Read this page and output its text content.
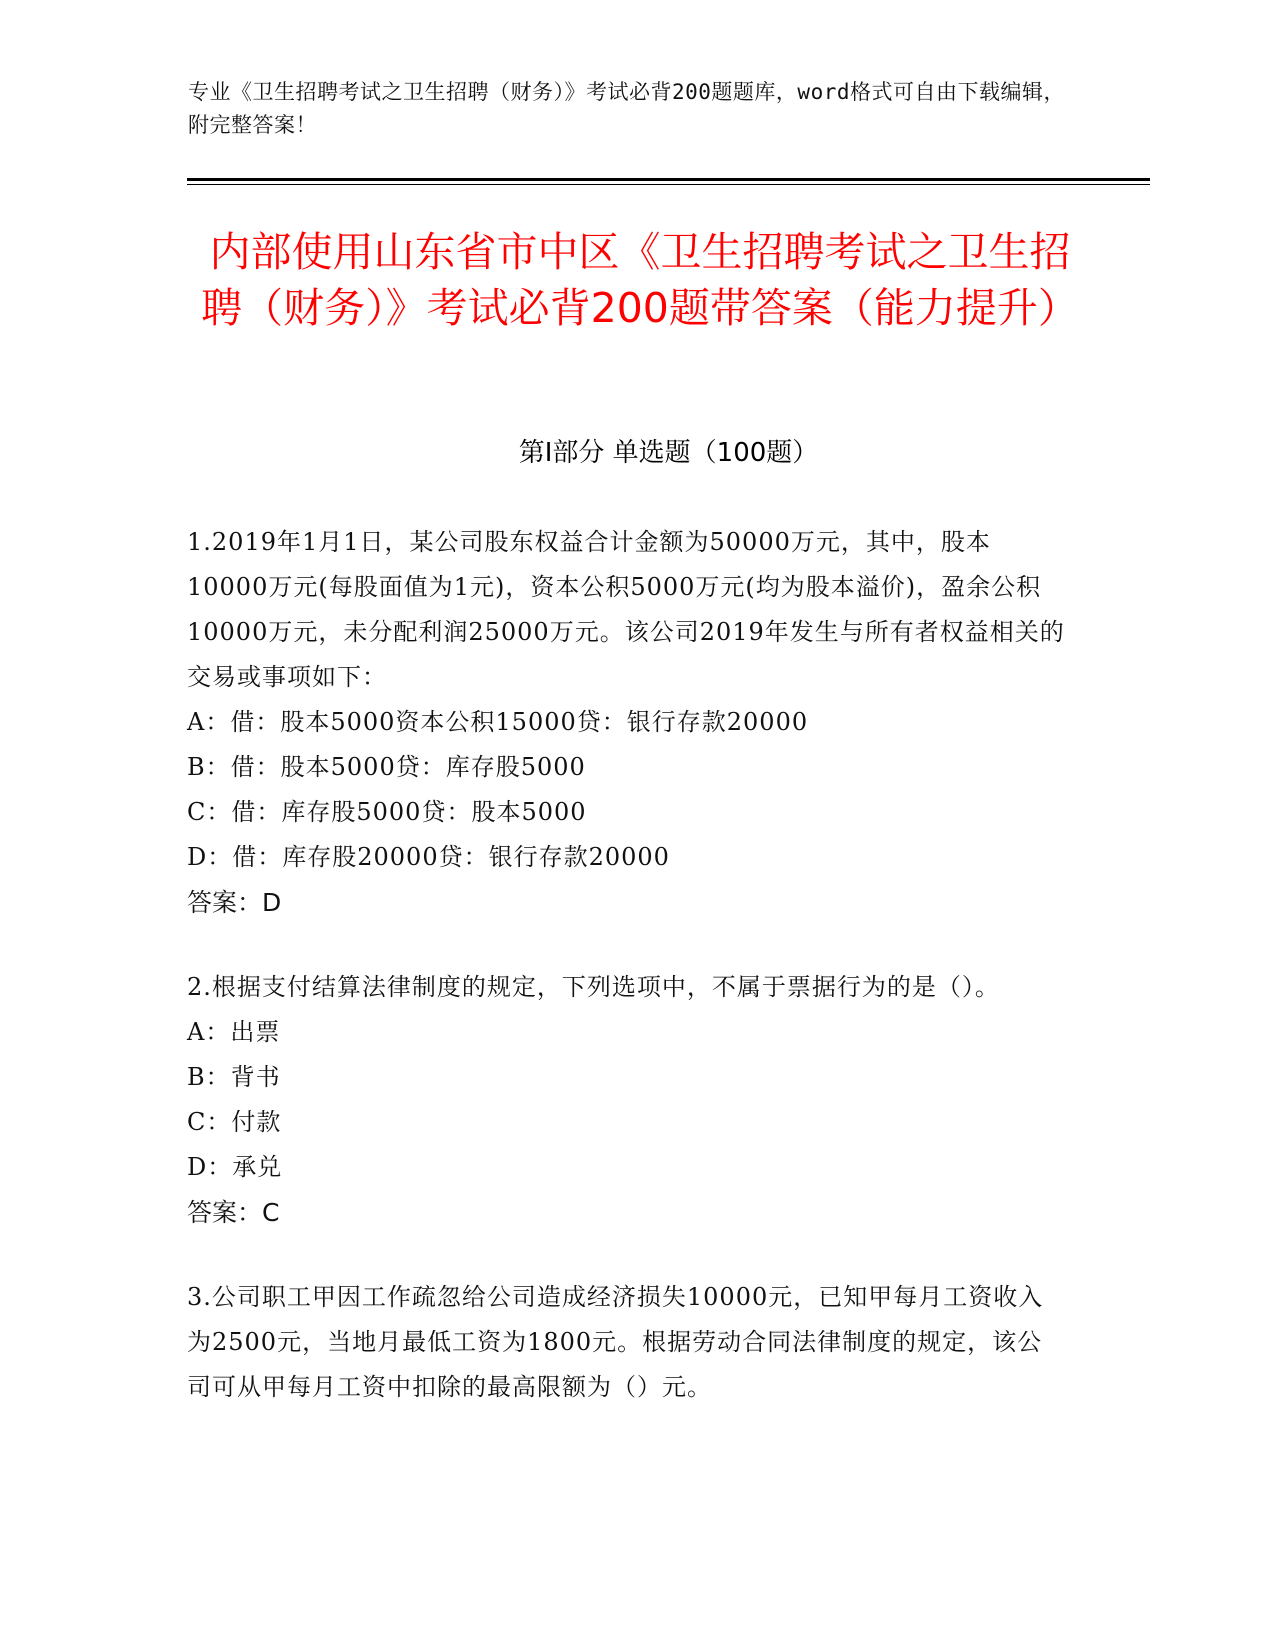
专业《卫生招聘考试之卫生招聘（财务）》考试必背200题题库，word格式可自由下载编辑，附完整答案！
内部使用山东省市中区《卫生招聘考试之卫生招聘（财务）》考试必背200题带答案（能力提升）
第Ⅰ部分 单选题（100题）
1.2019年1月1日，某公司股东权益合计金额为50000万元，其中，股本10000万元(每股面值为1元)，资本公积5000万元(均为股本溢价)，盈余公积10000万元，未分配利润25000万元。该公司2019年发生与所有者权益相关的交易或事项如下：
A：借：股本5000资本公积15000贷：银行存款20000
B：借：股本5000贷：库存股5000
C：借：库存股5000贷：股本5000
D：借：库存股20000贷：银行存款20000
答案：D
2.根据支付结算法律制度的规定，下列选项中，不属于票据行为的是（）。
A：出票
B：背书
C：付款
D：承兑
答案：C
3.公司职工甲因工作疏忽给公司造成经济损失10000元，已知甲每月工资收入为2500元，当地月最低工资为1800元。根据劳动合同法律制度的规定，该公司可从甲每月工资中扣除的最高限额为（）元。
